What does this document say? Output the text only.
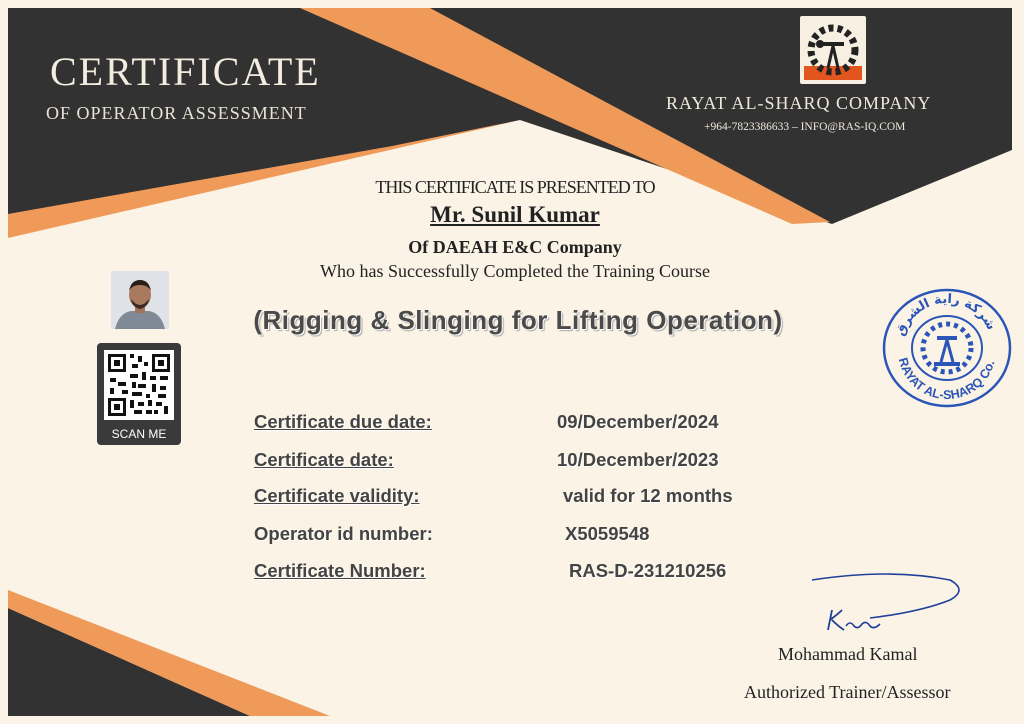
CERTIFICATE
OF OPERATOR ASSESSMENT	RAYAT AL-SHARQ COMPANY
+964-7823386633 – INFO@RAS-IQ.COM
THIS CERTIFICATE IS PRESENTED TO
Mr. Sunil Kumar
Of DAEAH E&C Company
Who has Successfully Completed the Training Course
(Rigging & Slinging for Lifting Operation)
SCAN ME
Certificate due date:	09/December/2024
Certificate date:	10/December/2023
Certificate validity:	valid for 12 months
Operator id number:	X5059548
Certificate Number:	RAS-D-231210256
شركة راية الشرق
RAYAT AL-SHARQ Co.
Mohammad Kamal
Authorized Trainer/Assessor
